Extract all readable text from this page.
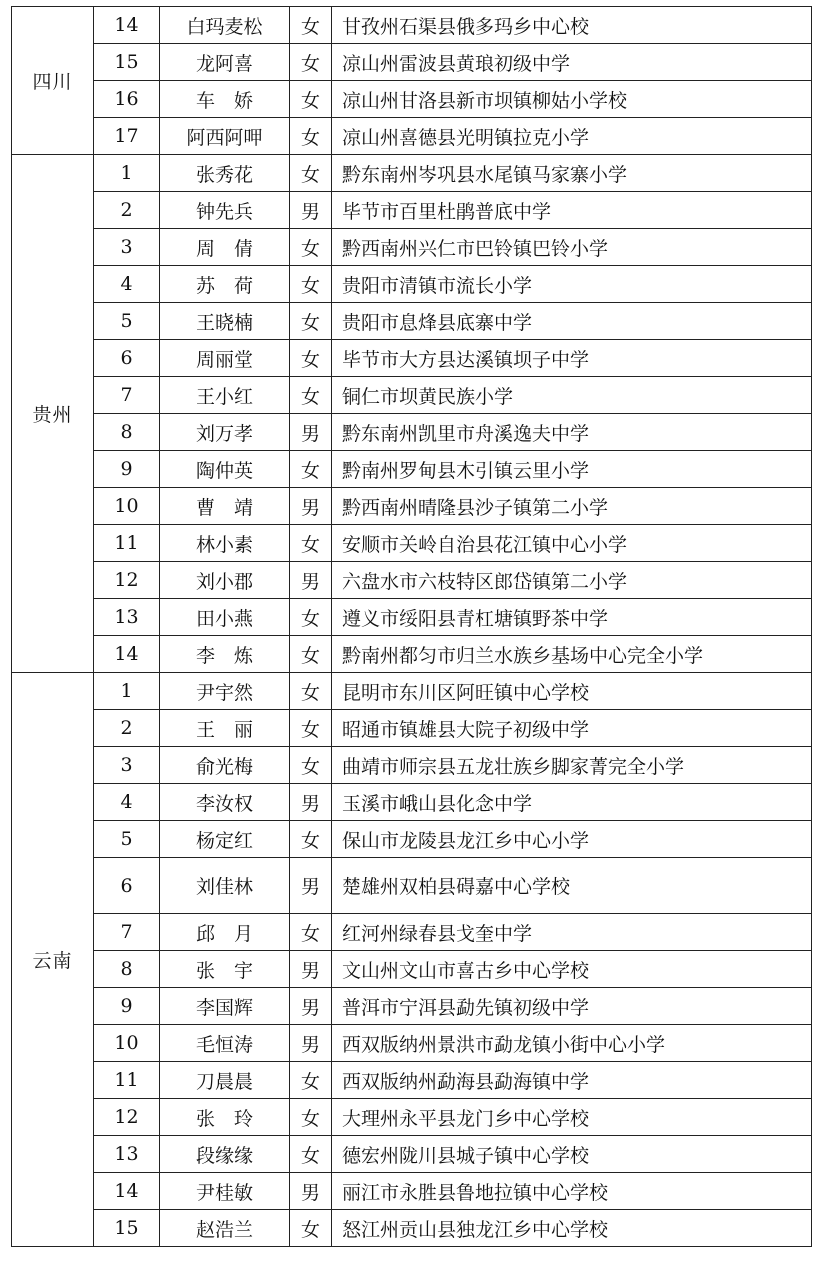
四川	14	白玛麦松	女	甘孜州石渠县俄多玛乡中心校
	15	龙阿喜	女	凉山州雷波县黄琅初级中学
	16	车　娇	女	凉山州甘洛县新市坝镇柳姑小学校
	17	阿西阿呷	女	凉山州喜德县光明镇拉克小学
贵州	1	张秀花	女	黔东南州岑巩县水尾镇马家寨小学
	2	钟先兵	男	毕节市百里杜鹃普底中学
	3	周　倩	女	黔西南州兴仁市巴铃镇巴铃小学
	4	苏　荷	女	贵阳市清镇市流长小学
	5	王晓楠	女	贵阳市息烽县底寨中学
	6	周丽堂	女	毕节市大方县达溪镇坝子中学
	7	王小红	女	铜仁市坝黄民族小学
	8	刘万孝	男	黔东南州凯里市舟溪逸夫中学
	9	陶仲英	女	黔南州罗甸县木引镇云里小学
	10	曹　靖	男	黔西南州晴隆县沙子镇第二小学
	11	林小素	女	安顺市关岭自治县花江镇中心小学
	12	刘小郡	男	六盘水市六枝特区郎岱镇第二小学
	13	田小燕	女	遵义市绥阳县青杠塘镇野茶中学
	14	李　炼	女	黔南州都匀市归兰水族乡基场中心完全小学
云南	1	尹宇然	女	昆明市东川区阿旺镇中心学校
	2	王　丽	女	昭通市镇雄县大院子初级中学
	3	俞光梅	女	曲靖市师宗县五龙壮族乡脚家菁完全小学
	4	李汝权	男	玉溪市峨山县化念中学
	5	杨定红	女	保山市龙陵县龙江乡中心小学
	6	刘佳林	男	楚雄州双柏县碍嘉中心学校
	7	邱　月	女	红河州绿春县戈奎中学
	8	张　宇	男	文山州文山市喜古乡中心学校
	9	李国辉	男	普洱市宁洱县勐先镇初级中学
	10	毛恒涛	男	西双版纳州景洪市勐龙镇小街中心小学
	11	刀晨晨	女	西双版纳州勐海县勐海镇中学
	12	张　玲	女	大理州永平县龙门乡中心学校
	13	段缘缘	女	德宏州陇川县城子镇中心学校
	14	尹桂敏	男	丽江市永胜县鲁地拉镇中心学校
	15	赵浩兰	女	怒江州贡山县独龙江乡中心学校
